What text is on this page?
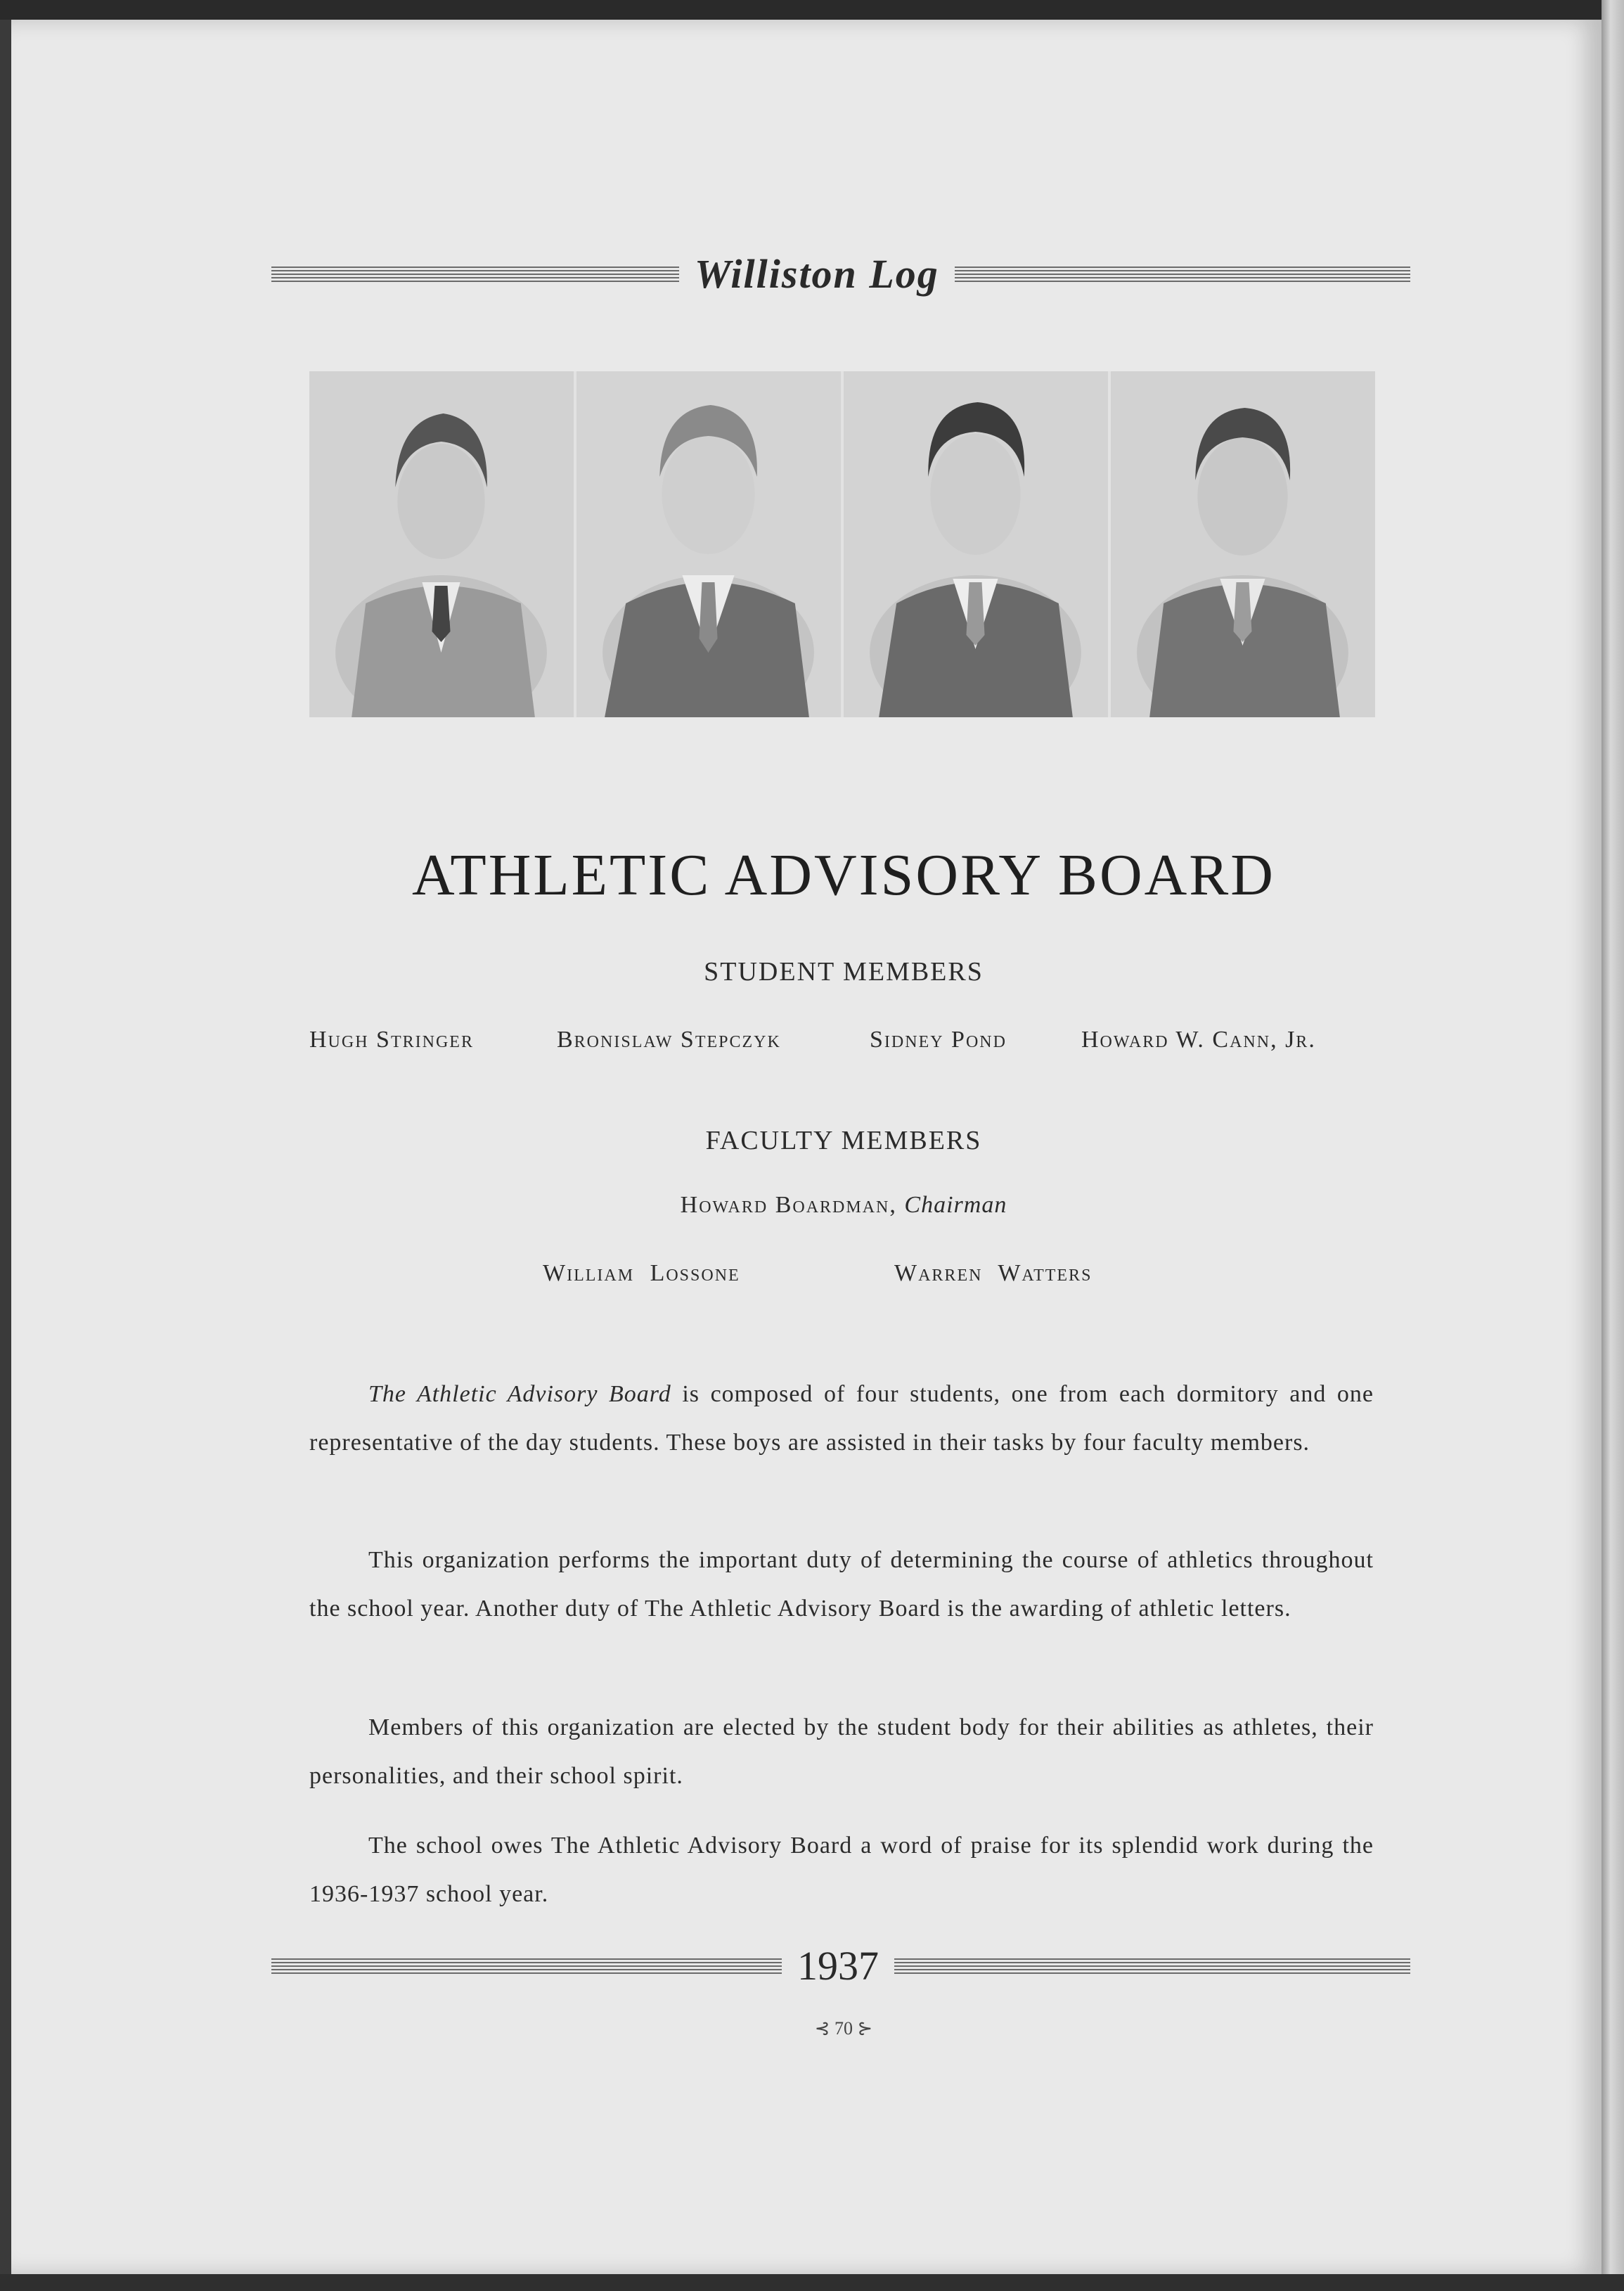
Williston Log
ATHLETIC ADVISORY BOARD
STUDENT MEMBERS
Hugh Stringer	Bronislaw Stepczyk	Sidney Pond	Howard W. Cann, Jr.
FACULTY MEMBERS
Howard Boardman, Chairman
William Lossone	Warren Watters

The Athletic Advisory Board is composed of four students, one from each dormitory and one representative of the day students. These boys are assisted in their tasks by four faculty members.

This organization performs the important duty of determining the course of athletics throughout the school year. Another duty of The Athletic Advisory Board is the awarding of athletic letters.

Members of this organization are elected by the student body for their abilities as athletes, their personalities, and their school spirit.

The school owes The Athletic Advisory Board a word of praise for its splendid work during the 1936-1937 school year.

1937
⊰ 70 ⊱
